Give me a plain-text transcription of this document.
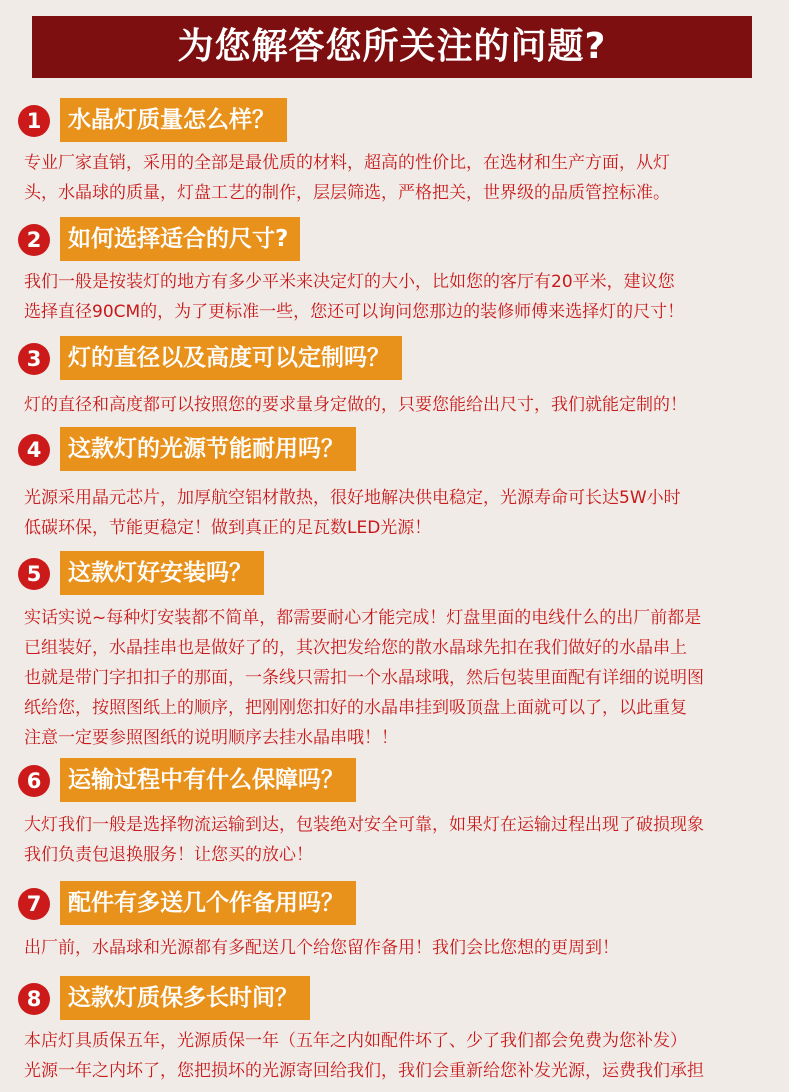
为您解答您所关注的问题?
1	水晶灯质量怎么样？

专业厂家直销，采用的全部是最优质的材料，超高的性价比，在选材和生产方面，从灯

头，水晶球的质量，灯盘工艺的制作，层层筛选，严格把关，世界级的品质管控标准。

2	如何选择适合的尺寸?

我们一般是按装灯的地方有多少平米来决定灯的大小，比如您的客厅有20平米，建议您

选择直径90CM的，为了更标准一些，您还可以询问您那边的装修师傅来选择灯的尺寸！

3	灯的直径以及高度可以定制吗？

灯的直径和高度都可以按照您的要求量身定做的，只要您能给出尺寸，我们就能定制的！

4	这款灯的光源节能耐用吗？

光源采用晶元芯片，加厚航空铝材散热，很好地解决供电稳定，光源寿命可长达5W小时

低碳环保，节能更稳定！做到真正的足瓦数LED光源！

5	这款灯好安装吗？

实话实说~每种灯安装都不简单，都需要耐心才能完成！灯盘里面的电线什么的出厂前都是

已组装好，水晶挂串也是做好了的，其次把发给您的散水晶球先扣在我们做好的水晶串上

也就是带门字扣扣子的那面，一条线只需扣一个水晶球哦，然后包装里面配有详细的说明图

纸给您，按照图纸上的顺序，把刚刚您扣好的水晶串挂到吸顶盘上面就可以了，以此重复

注意一定要参照图纸的说明顺序去挂水晶串哦！！

6	运输过程中有什么保障吗？

大灯我们一般是选择物流运输到达，包装绝对安全可靠，如果灯在运输过程出现了破损现象

我们负责包退换服务！让您买的放心！

7	配件有多送几个作备用吗？

出厂前，水晶球和光源都有多配送几个给您留作备用！我们会比您想的更周到！

8	这款灯质保多长时间？

本店灯具质保五年，光源质保一年（五年之内如配件坏了、少了我们都会免费为您补发）

光源一年之内坏了，您把损坏的光源寄回给我们，我们会重新给您补发光源，运费我们承担
